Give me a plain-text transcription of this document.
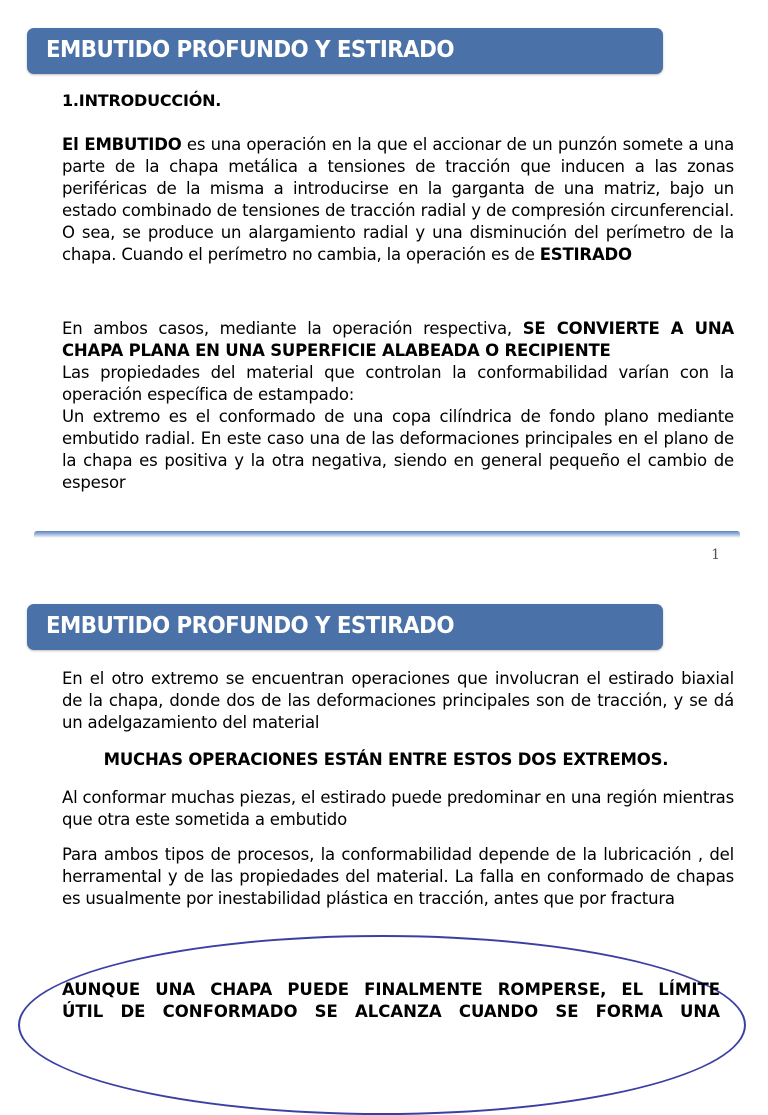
EMBUTIDO PROFUNDO Y ESTIRADO
1.INTRODUCCIÓN.

El EMBUTIDO es una operación en la que el accionar de un punzón somete a una parte de la chapa metálica a tensiones de tracción que inducen a las zonas periféricas de la misma a introducirse en la garganta de una matriz, bajo un estado combinado de tensiones de tracción radial y de compresión circunferencial. O sea, se produce un alargamiento radial y una disminución del perímetro de la chapa. Cuando el perímetro no cambia, la operación es de ESTIRADO

En ambos casos, mediante la operación respectiva, SE CONVIERTE A UNA CHAPA PLANA EN UNA SUPERFICIE ALABEADA O RECIPIENTE

Las propiedades del material que controlan la conformabilidad varían con la operación específica de estampado:

Un extremo es el conformado de una copa cilíndrica de fondo plano mediante embutido radial. En este caso una de las deformaciones principales en el plano de la chapa es positiva y la otra negativa, siendo en general pequeño el cambio de espesor

1
EMBUTIDO PROFUNDO Y ESTIRADO

En el otro extremo se encuentran operaciones que involucran el estirado biaxial de la chapa, donde dos de las deformaciones principales son de tracción, y se dá un adelgazamiento del material

MUCHAS OPERACIONES ESTÁN ENTRE ESTOS DOS EXTREMOS.

Al conformar muchas piezas, el estirado puede predominar en una región mientras que otra este sometida a embutido

Para ambos tipos de procesos, la conformabilidad depende de la lubricación , del herramental y de las propiedades del material. La falla en conformado de chapas es usualmente por inestabilidad plástica en tracción, antes que por fractura

AUNQUE UNA CHAPA PUEDE FINALMENTE ROMPERSE, EL LÍMITE
ÚTIL DE CONFORMADO SE ALCANZA CUANDO SE FORMA UNA
